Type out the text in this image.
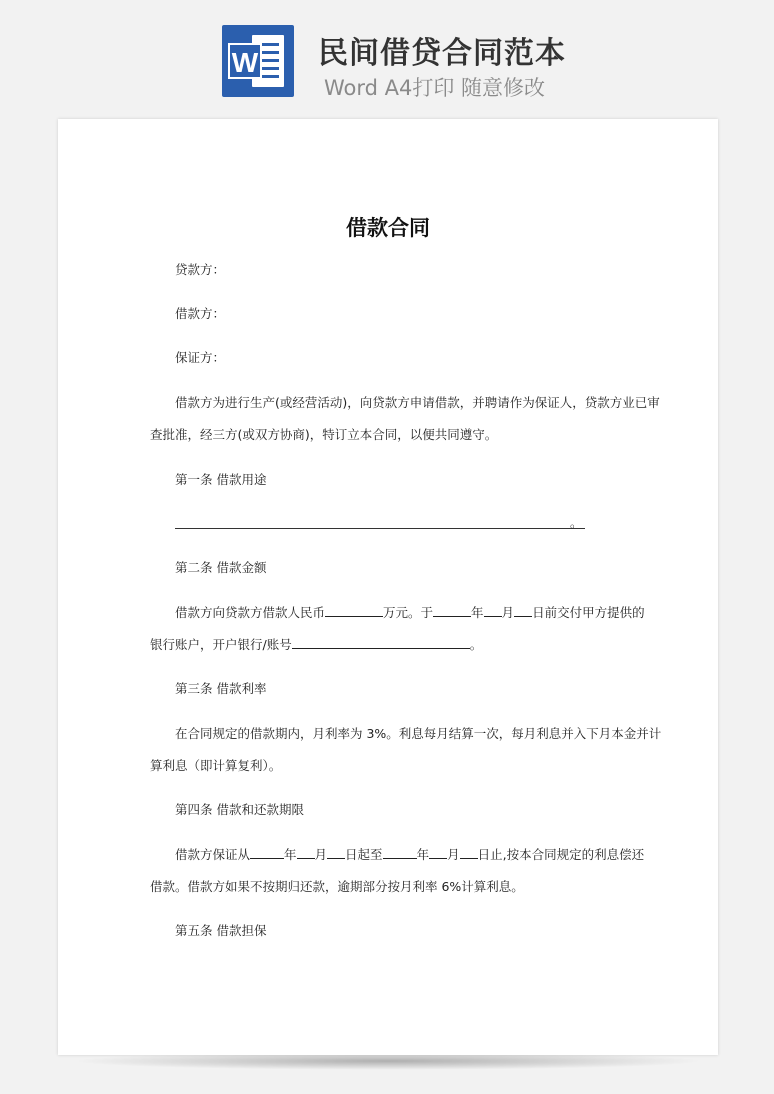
W 民间借贷合同范本
Word A4打印 随意修改

借款合同
贷款方：
借款方：
保证方：
借款方为进行生产(或经营活动)，向贷款方申请借款，并聘请作为保证人，贷款方业已审
查批准，经三方(或双方协商)，特订立本合同，以便共同遵守。
第一条 借款用途
。
第二条 借款金额
借款方向贷款方借款人民币	万元。于	年 月 日前交付甲方提供的
银行账户，开户银行/账号	。
第三条 借款利率
在合同规定的借款期内，月利率为 3%。利息每月结算一次，每月利息并入下月本金并计
算利息（即计算复利）。
第四条 借款和还款期限
借款方保证从	年 月 日起至	年 月 日止,按本合同规定的利息偿还
借款。借款方如果不按期归还款，逾期部分按月利率 6%计算利息。
第五条 借款担保
